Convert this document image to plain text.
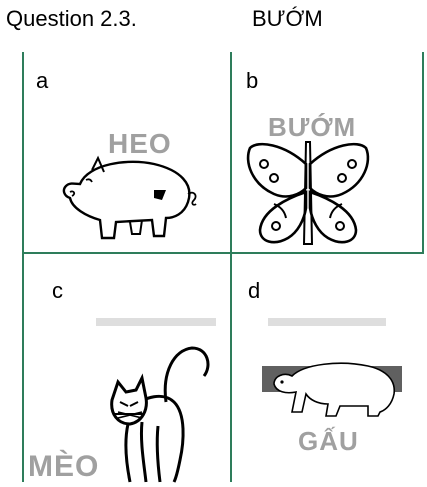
Question 2.3.	BƯỚM
a
HEO
b
BƯỚM
c
MÈO
d
GẤU
